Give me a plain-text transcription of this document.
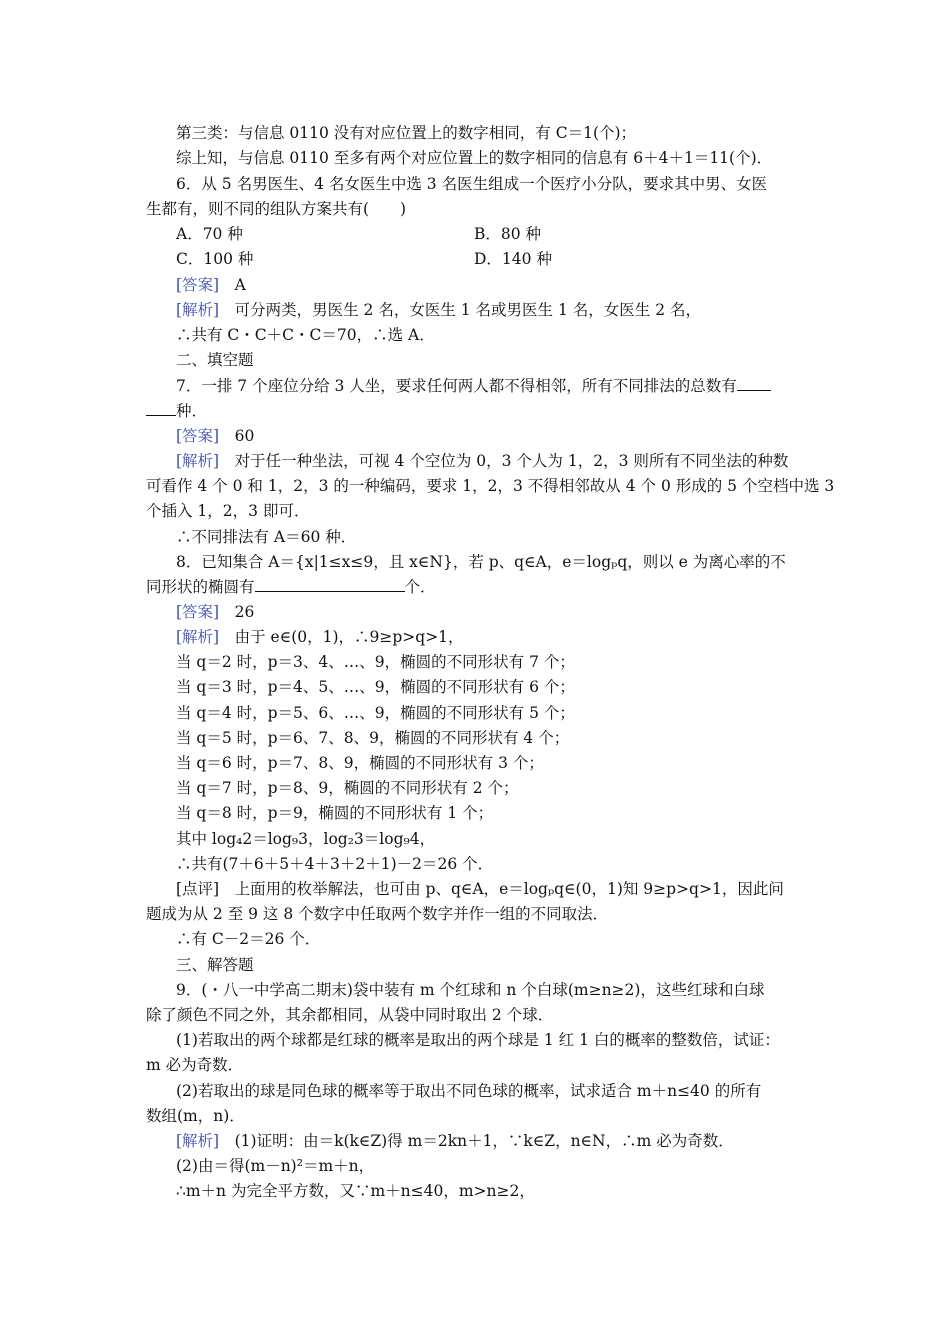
第三类：与信息 0110 没有对应位置上的数字相同，有 C＝1(个)；
综上知，与信息 0110 至多有两个对应位置上的数字相同的信息有 6＋4＋1＝11(个)．
6．从 5 名男医生、4 名女医生中选 3 名医生组成一个医疗小分队，要求其中男、女医
生都有，则不同的组队方案共有(　　)
A．70 种	B．80 种
C．100 种	D．140 种
[答案]　 A
[解析]　 可分两类，男医生 2 名，女医生 1 名或男医生 1 名，女医生 2 名，
∴共有 C・C＋C・C＝70，∴选 A．
二、填空题
7．一排 7 个座位分给 3 人坐，要求任何两人都不得相邻，所有不同排法的总数有
种．
[答案]　 60
[解析]　 对于任一种坐法，可视 4 个空位为 0，3 个人为 1，2，3 则所有不同坐法的种数
可看作 4 个 0 和 1，2，3 的一种编码，要求 1，2，3 不得相邻故从 4 个 0 形成的 5 个空档中选 3
个插入 1，2，3 即可．
∴不同排法有 A＝60 种．
8．已知集合 A＝{x|1≤x≤9，且 x∈N}，若 p、q∈A，e＝logₚq，则以 e 为离心率的不
同形状的椭圆有	个．
[答案]　 26
[解析]　 由于 e∈(0，1)，∴9≥p>q>1，
当 q＝2 时，p＝3、4、…、9，椭圆的不同形状有 7 个；
当 q＝3 时，p＝4、5、…、9，椭圆的不同形状有 6 个；
当 q＝4 时，p＝5、6、…、9，椭圆的不同形状有 5 个；
当 q＝5 时，p＝6、7、8、9，椭圆的不同形状有 4 个；
当 q＝6 时，p＝7、8、9，椭圆的不同形状有 3 个；
当 q＝7 时，p＝8、9，椭圆的不同形状有 2 个；
当 q＝8 时，p＝9，椭圆的不同形状有 1 个；
其中 log₄2＝log₉3，log₂3＝log₉4，
∴共有(7＋6＋5＋4＋3＋2＋1)－2＝26 个．
[点评]　 上面用的枚举解法，也可由 p、q∈A，e＝logₚq∈(0，1)知 9≥p>q>1，因此问
题成为从 2 至 9 这 8 个数字中任取两个数字并作一组的不同取法．
∴有 C－2＝26 个．
三、解答题
9．(・八一中学高二期末)袋中装有 m 个红球和 n 个白球(m≥n≥2)，这些红球和白球
除了颜色不同之外，其余都相同，从袋中同时取出 2 个球．
(1)若取出的两个球都是红球的概率是取出的两个球是 1 红 1 白的概率的整数倍，试证：
m 必为奇数．
(2)若取出的球是同色球的概率等于取出不同色球的概率，试求适合 m＋n≤40 的所有
数组(m，n)．
[解析]　 (1)证明：由＝k(k∈Z)得 m＝2kn＋1，∵k∈Z，n∈N，∴m 必为奇数．
(2)由＝得(m－n)²＝m＋n，
∴m＋n 为完全平方数，又∵m＋n≤40，m>n≥2，
